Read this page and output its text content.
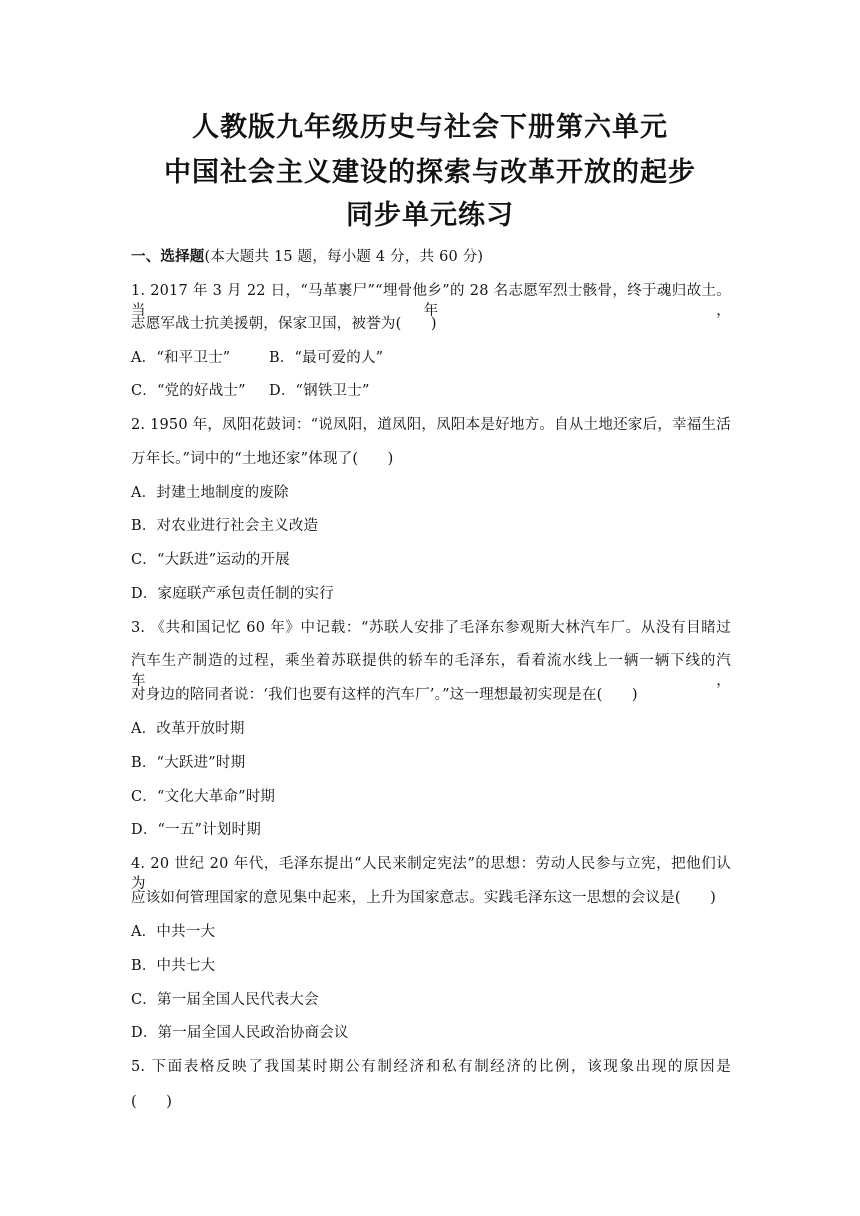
人教版九年级历史与社会下册第六单元
中国社会主义建设的探索与改革开放的起步
同步单元练习
一、选择题(本大题共 15 题，每小题 4 分，共 60 分)
1. 2017 年 3 月 22 日，“马革裹尸”“埋骨他乡”的 28 名志愿军烈士骸骨，终于魂归故土。当年，
志愿军战士抗美援朝，保家卫国，被誉为(　　)
A．“和平卫士”	B．“最可爱的人”
C．“党的好战士” D．“钢铁卫士”
2. 1950 年，凤阳花鼓词：“说凤阳，道凤阳，凤阳本是好地方。自从土地还家后，幸福生活
万年长。”词中的“土地还家”体现了(　　)
A．封建土地制度的废除
B．对农业进行社会主义改造
C．“大跃进”运动的开展
D．家庭联产承包责任制的实行
3. 《共和国记忆 60 年》中记载：“苏联人安排了毛泽东参观斯大林汽车厂。从没有目睹过
汽车生产制造的过程，乘坐着苏联提供的轿车的毛泽东，看着流水线上一辆一辆下线的汽车，
对身边的陪同者说：‘我们也要有这样的汽车厂’。”这一理想最初实现是在(　　)
A．改革开放时期
B．“大跃进”时期
C．“文化大革命”时期
D．“一五”计划时期
4. 20 世纪 20 年代，毛泽东提出“人民来制定宪法”的思想：劳动人民参与立宪，把他们认为
应该如何管理国家的意见集中起来，上升为国家意志。实践毛泽东这一思想的会议是(　　)
A．中共一大
B．中共七大
C．第一届全国人民代表大会
D．第一届全国人民政治协商会议
5. 下面表格反映了我国某时期公有制经济和私有制经济的比例，该现象出现的原因是
(　　)
